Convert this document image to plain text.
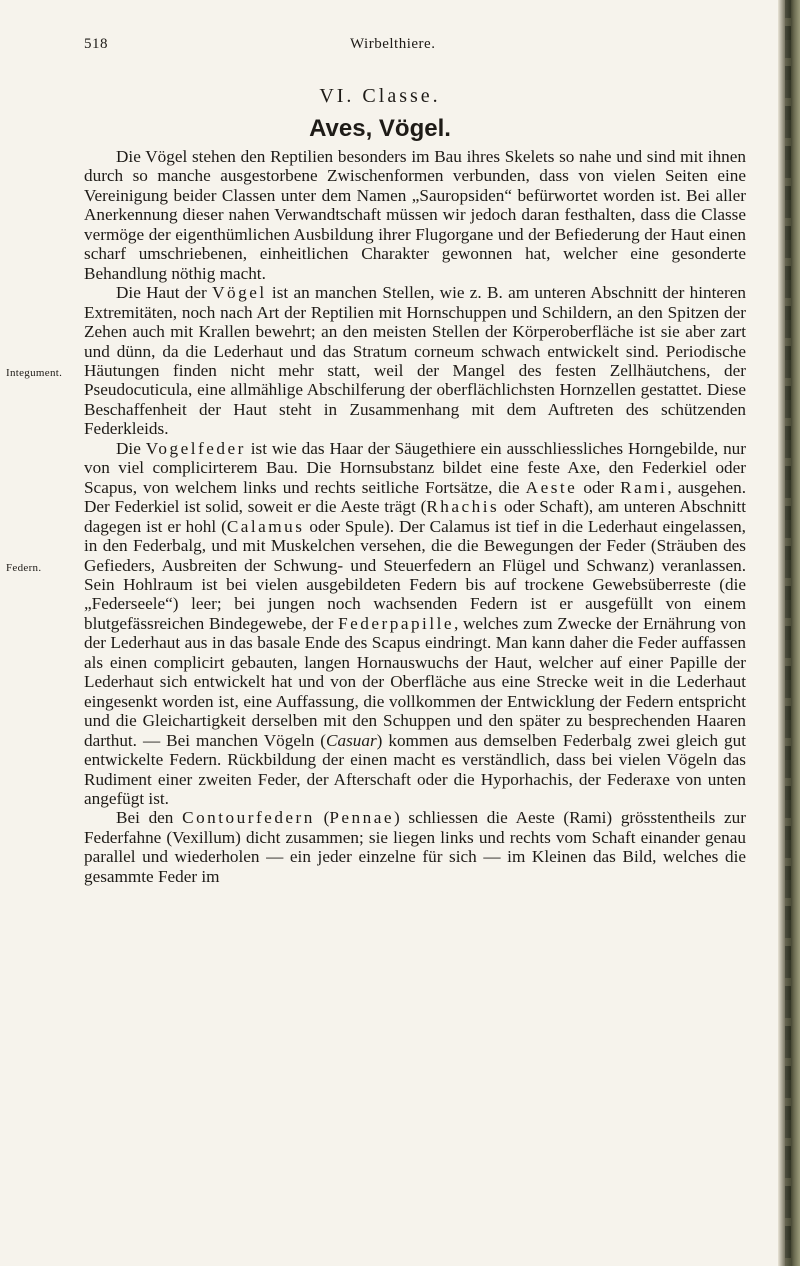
518	Wirbelthiere.
VI. Classe.
Aves, Vögel.
Integument.
Federn.

Die Vögel stehen den Reptilien besonders im Bau ihres Skelets so nahe und sind mit ihnen durch so manche ausgestorbene Zwischenformen verbunden, dass von vielen Seiten eine Vereinigung beider Classen unter dem Namen „Sauropsiden“ befürwortet worden ist. Bei aller Anerkennung dieser nahen Verwandtschaft müssen wir jedoch daran festhalten, dass die Classe vermöge der eigenthümlichen Ausbildung ihrer Flugorgane und der Befiederung der Haut einen scharf umschriebenen, einheitlichen Charakter gewonnen hat, welcher eine gesonderte Behandlung nöthig macht.

Die Haut der Vögel ist an manchen Stellen, wie z. B. am unteren Abschnitt der hinteren Extremitäten, noch nach Art der Reptilien mit Hornschuppen und Schildern, an den Spitzen der Zehen auch mit Krallen bewehrt; an den meisten Stellen der Körperoberfläche ist sie aber zart und dünn, da die Lederhaut und das Stratum corneum schwach entwickelt sind. Periodische Häutungen finden nicht mehr statt, weil der Mangel des festen Zellhäutchens, der Pseudocuticula, eine allmählige Abschilferung der oberflächlichsten Hornzellen gestattet. Diese Beschaffenheit der Haut steht in Zusammenhang mit dem Auftreten des schützenden Federkleids.

Die Vogelfeder ist wie das Haar der Säugethiere ein ausschliessliches Horngebilde, nur von viel complicirterem Bau. Die Hornsubstanz bildet eine feste Axe, den Federkiel oder Scapus, von welchem links und rechts seitliche Fortsätze, die Aeste oder Rami, ausgehen. Der Federkiel ist solid, soweit er die Aeste trägt (Rhachis oder Schaft), am unteren Abschnitt dagegen ist er hohl (Calamus oder Spule). Der Calamus ist tief in die Lederhaut eingelassen, in den Federbalg, und mit Muskelchen versehen, die die Bewegungen der Feder (Sträuben des Gefieders, Ausbreiten der Schwung- und Steuerfedern an Flügel und Schwanz) veranlassen. Sein Hohlraum ist bei vielen ausgebildeten Federn bis auf trockene Gewebsüberreste (die „Federseele“) leer; bei jungen noch wachsenden Federn ist er ausgefüllt von einem blutgefässreichen Bindegewebe, der Federpapille, welches zum Zwecke der Ernährung von der Lederhaut aus in das basale Ende des Scapus eindringt. Man kann daher die Feder auffassen als einen complicirt gebauten, langen Hornauswuchs der Haut, welcher auf einer Papille der Lederhaut sich entwickelt hat und von der Oberfläche aus eine Strecke weit in die Lederhaut eingesenkt worden ist, eine Auffassung, die vollkommen der Entwicklung der Federn entspricht und die Gleichartigkeit derselben mit den Schuppen und den später zu besprechenden Haaren darthut. — Bei manchen Vögeln (Casuar) kommen aus demselben Federbalg zwei gleich gut entwickelte Federn. Rückbildung der einen macht es verständlich, dass bei vielen Vögeln das Rudiment einer zweiten Feder, der Afterschaft oder die Hyporhachis, der Federaxe von unten angefügt ist.

Bei den Contourfedern (Pennae) schliessen die Aeste (Rami) grösstentheils zur Federfahne (Vexillum) dicht zusammen; sie liegen links und rechts vom Schaft einander genau parallel und wiederholen — ein jeder einzelne für sich — im Kleinen das Bild, welches die gesammte Feder im
